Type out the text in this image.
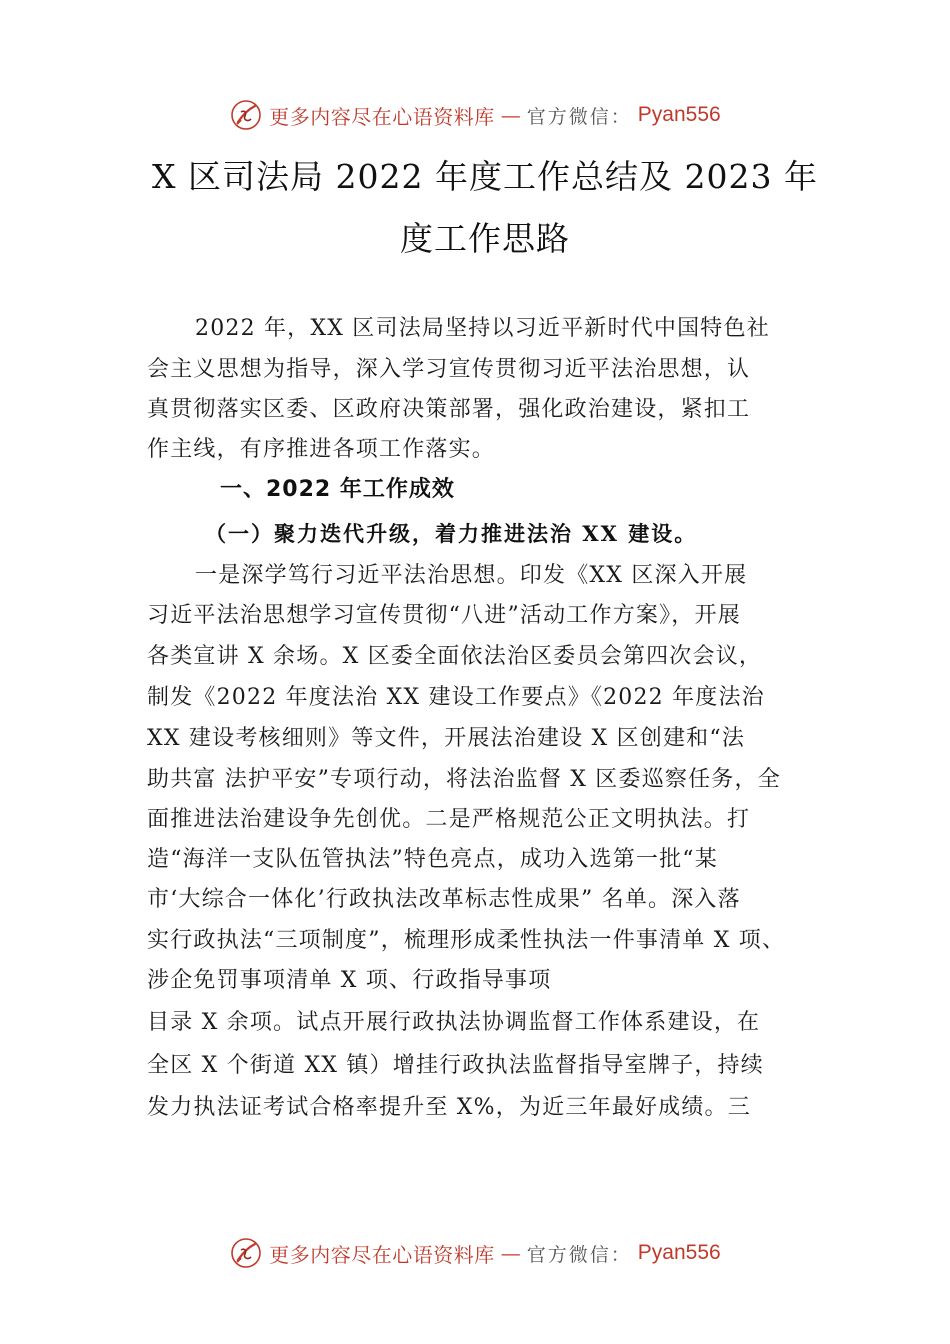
更多内容尽在心语资料库 — 官方微信： Pyan556
X 区司法局 2022 年度工作总结及 2023 年
度工作思路
2022 年，XX 区司法局坚持以习近平新时代中国特色社
会主义思想为指导，深入学习宣传贯彻习近平法治思想，认
真贯彻落实区委、区政府决策部署，强化政治建设，紧扣工
作主线，有序推进各项工作落实。
一、2022 年工作成效
（一）聚力迭代升级，着力推进法治 XX 建设。
一是深学笃行习近平法治思想。印发《XX 区深入开展
习近平法治思想学习宣传贯彻“八进”活动工作方案》，开展
各类宣讲 X 余场。X 区委全面依法治区委员会第四次会议，
制发《2022 年度法治 XX 建设工作要点》《2022 年度法治
XX 建设考核细则》等文件，开展法治建设 X 区创建和“法
助共富 法护平安”专项行动，将法治监督 X 区委巡察任务，全
面推进法治建设争先创优。二是严格规范公正文明执法。打
造“海洋一支队伍管执法”特色亮点，成功入选第一批“某
市‘大综合一体化’行政执法改革标志性成果” 名单。深入落
实行政执法“三项制度”，梳理形成柔性执法一件事清单 X 项、
涉企免罚事项清单 X 项、行政指导事项
目录 X 余项。试点开展行政执法协调监督工作体系建设，在
全区 X 个街道 XX 镇）增挂行政执法监督指导室牌子，持续
发力执法证考试合格率提升至 X%，为近三年最好成绩。三
更多内容尽在心语资料库 — 官方微信： Pyan556
